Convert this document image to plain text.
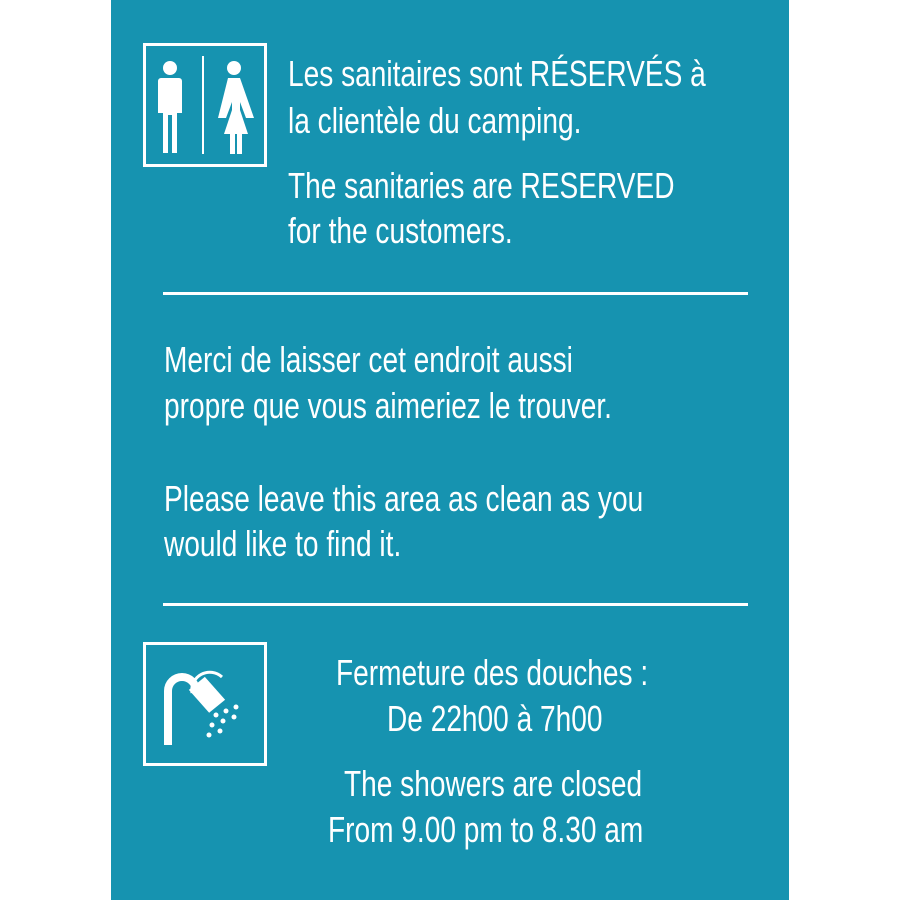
Les sanitaires sont RÉSERVÉS à
la clientèle du camping.
The sanitaries are RESERVED
for the customers.
Merci de laisser cet endroit aussi
propre que vous aimeriez le trouver.
Please leave this area as clean as you
would like to find it.
Fermeture des douches :
De 22h00 à 7h00
The showers are closed
From 9.00 pm to 8.30 am
